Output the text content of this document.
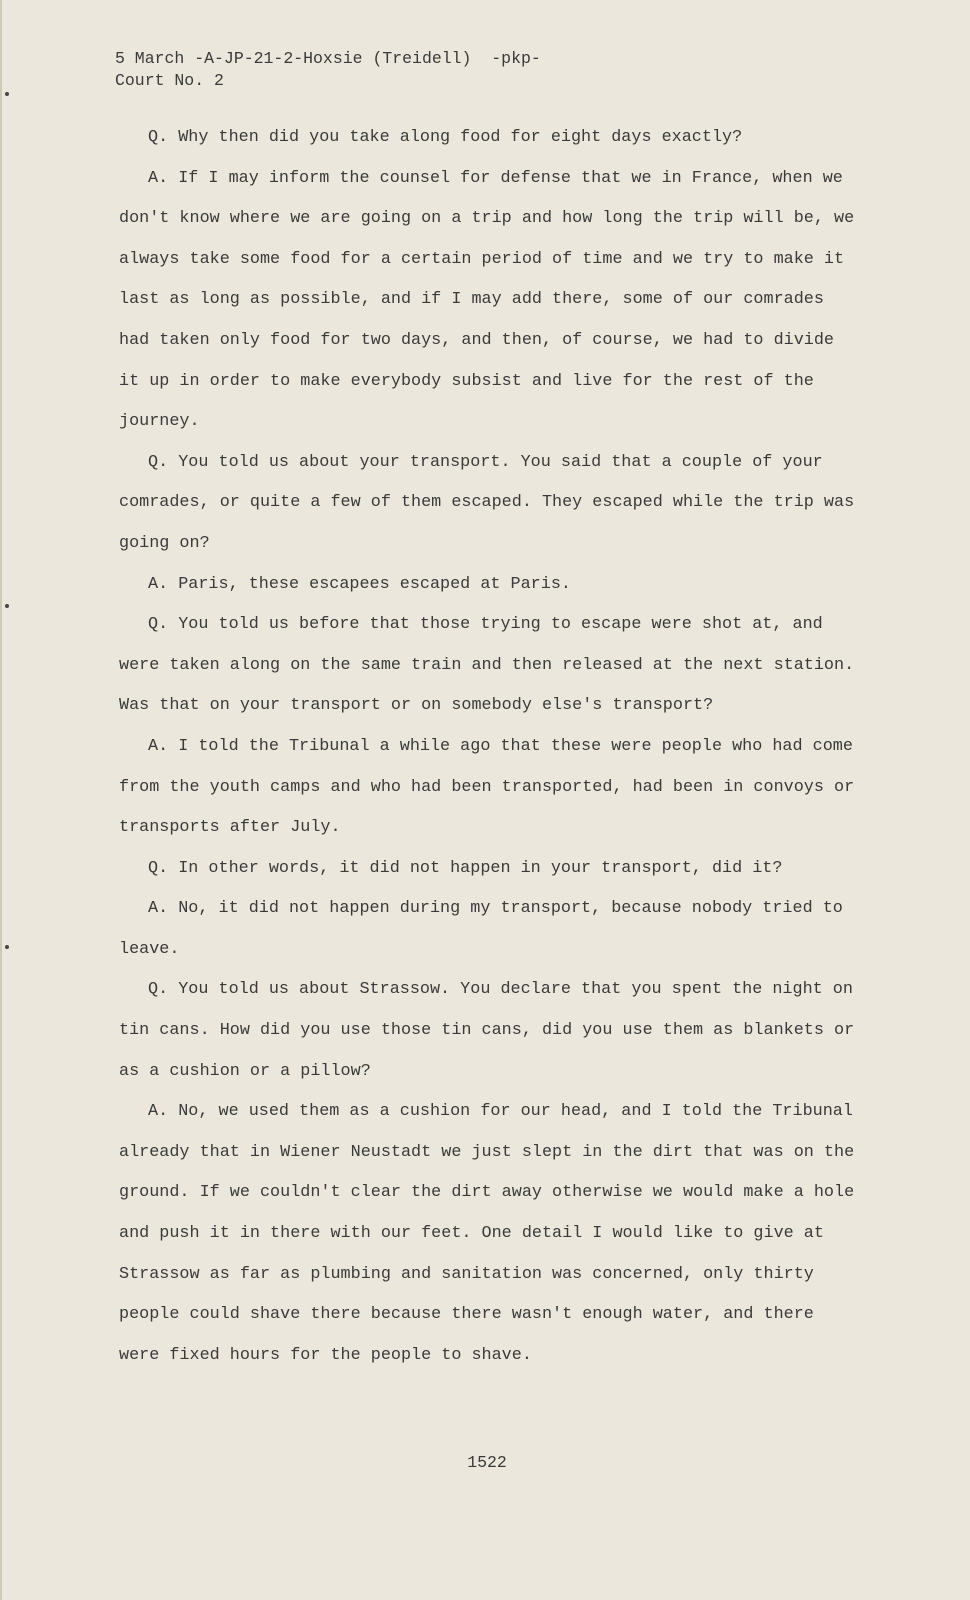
5 March -A-JP-21-2-Hoxsie (Treidell)  -pkp-
Court No. 2

Q. Why then did you take along food for eight days exactly?

A. If I may inform the counsel for defense that we in France, when we don't know where we are going on a trip and how long the trip will be, we always take some food for a certain period of time and we try to make it last as long as possible, and if I may add there, some of our comrades had taken only food for two days, and then, of course, we had to divide it up in order to make everybody subsist and live for the rest of the journey.

Q. You told us about your transport. You said that a couple of your comrades, or quite a few of them escaped. They escaped while the trip was going on?

A. Paris, these escapees escaped at Paris.

Q. You told us before that those trying to escape were shot at, and were taken along on the same train and then released at the next station. Was that on your transport or on somebody else's transport?

A. I told the Tribunal a while ago that these were people who had come from the youth camps and who had been transported, had been in convoys or transports after July.

Q. In other words, it did not happen in your transport, did it?

A. No, it did not happen during my transport, because nobody tried to leave.

Q. You told us about Strassow. You declare that you spent the night on tin cans. How did you use those tin cans, did you use them as blankets or as a cushion or a pillow?

A. No, we used them as a cushion for our head, and I told the Tribunal already that in Wiener Neustadt we just slept in the dirt that was on the ground. If we couldn't clear the dirt away otherwise we would make a hole and push it in there with our feet. One detail I would like to give at Strassow as far as plumbing and sanitation was concerned, only thirty people could shave there because there wasn't enough water, and there were fixed hours for the people to shave.

1522
